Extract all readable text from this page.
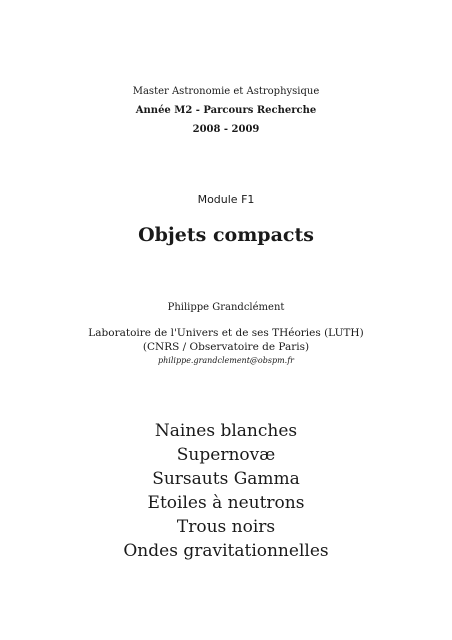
Master Astronomie et Astrophysique
Année M2 - Parcours Recherche
2008 - 2009
Module F1
Objets compacts
Philippe Grandclément
Laboratoire de l'Univers et de ses THéories (LUTH)
(CNRS / Observatoire de Paris)
philippe.grandclement@obspm.fr
Naines blanches
Supernovæ
Sursauts Gamma
Etoiles à neutrons
Trous noirs
Ondes gravitationnelles
